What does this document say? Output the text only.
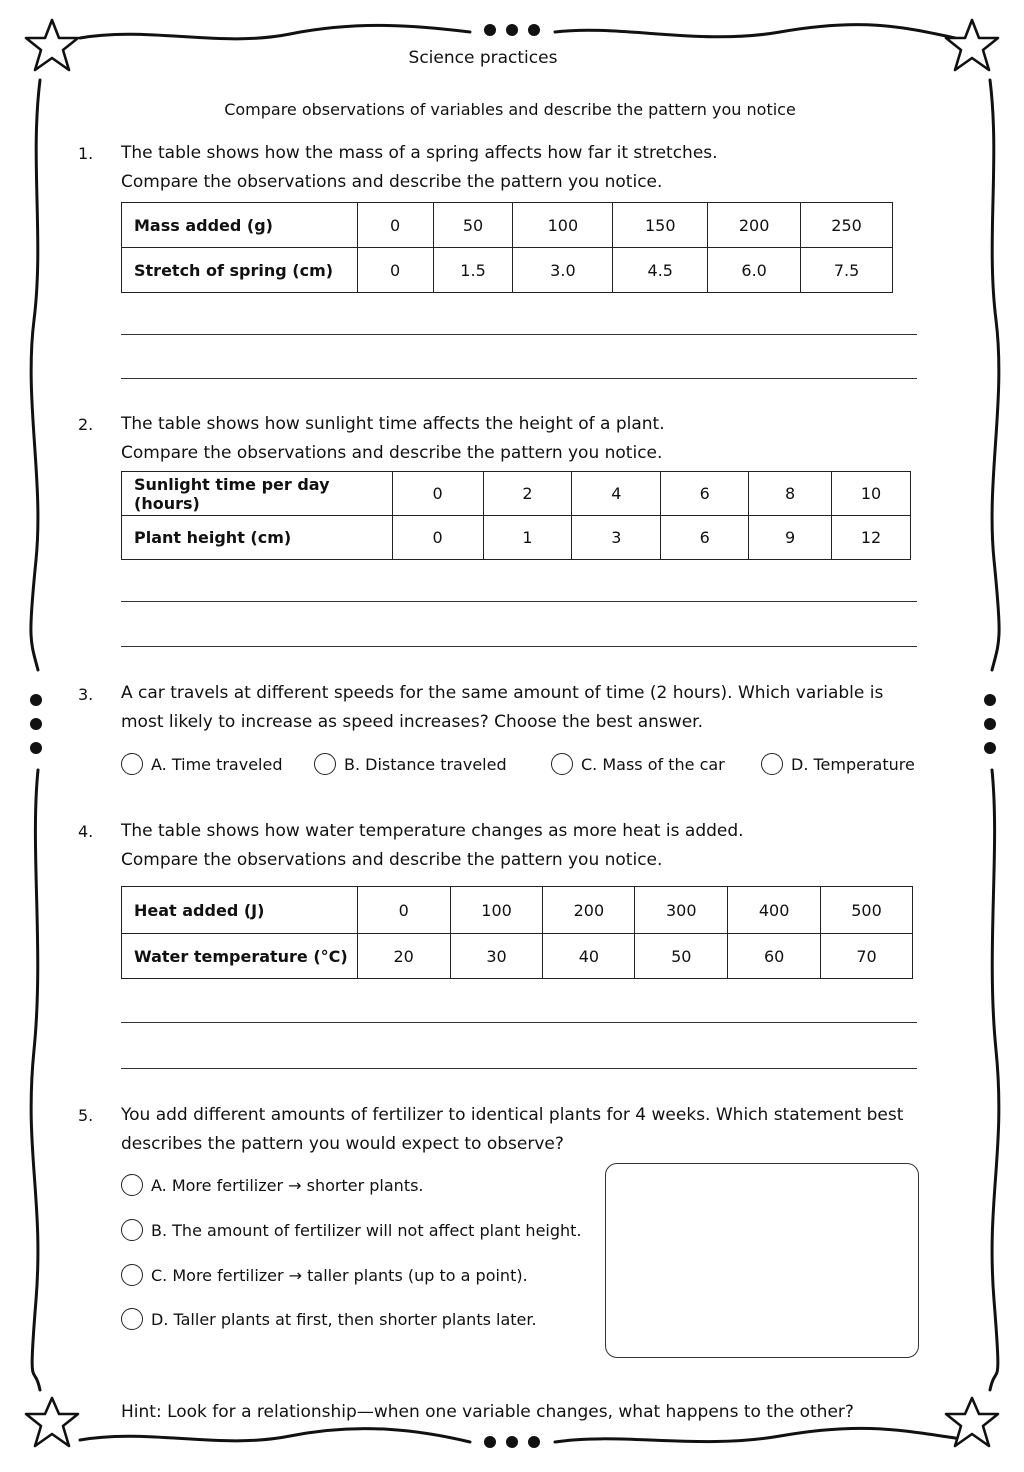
Science practices
Compare observations of variables and describe the pattern you notice
1. The table shows how the mass of a spring affects how far it stretches.
Compare the observations and describe the pattern you notice.
Mass added (g)	0	50	100	150	200	250
Stretch of spring (cm)	0	1.5	3.0	4.5	6.0	7.5
2. The table shows how sunlight time affects the height of a plant.
Compare the observations and describe the pattern you notice.
Sunlight time per day (hours)	0	2	4	6	8	10
Plant height (cm)	0	1	3	6	9	12
3. A car travels at different speeds for the same amount of time (2 hours). Which variable is
most likely to increase as speed increases? Choose the best answer.
A. Time traveled	B. Distance traveled	C. Mass of the car	D. Temperature
4. The table shows how water temperature changes as more heat is added.
Compare the observations and describe the pattern you notice.
Heat added (J)	0	100	200	300	400	500
Water temperature (°C)	20	30	40	50	60	70
5. You add different amounts of fertilizer to identical plants for 4 weeks. Which statement best
describes the pattern you would expect to observe?
A. More fertilizer → shorter plants.
B. The amount of fertilizer will not affect plant height.
C. More fertilizer → taller plants (up to a point).
D. Taller plants at first, then shorter plants later.
Hint: Look for a relationship—when one variable changes, what happens to the other?
